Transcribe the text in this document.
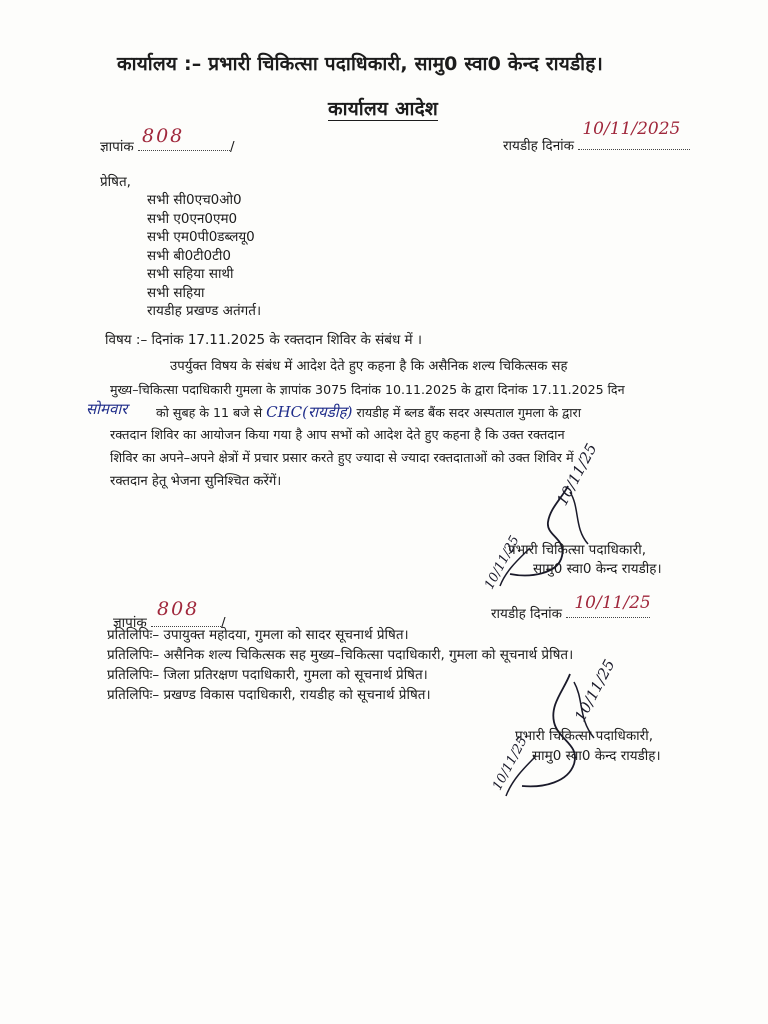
कार्यालय :– प्रभारी चिकित्सा पदाधिकारी, सामु0 स्वा0 केन्द रायडीह।
कार्यालय आदेश
ज्ञापांक 808	/	रायडीह दिनांक
10/11/2025
प्रेषित,
सभी सी0एच0ओ0
सभी ए0एन0एम0
सभी एम0पी0डब्लयू0
सभी बी0टी0टी0
सभी सहिया साथी
सभी सहिया
रायडीह प्रखण्ड अतंगर्त।
विषय :– दिनांक 17.11.2025 के रक्तदान शिविर के संबंध में ।
उपर्युक्त विषय के संबंध में आदेश देते हुए कहना है कि असैनिक शल्य चिकित्सक सह
मुख्य–चिकित्सा पदाधिकारी गुमला के ज्ञापांक 3075 दिनांक 10.11.2025 के द्वारा दिनांक 17.11.2025 दिन
सोमवार को सुबह के 11 बजे से CHC(रायडीह) रायडीह में ब्लड बैंक सदर अस्पताल गुमला के द्वारा
रक्तदान शिविर का आयोजन किया गया है आप सभों को आदेश देते हुए कहना है कि उक्त रक्तदान
शिविर का अपने–अपने क्षेत्रों में प्रचार प्रसार करते हुए ज्यादा से ज्यादा रक्तदाताओं को उक्त शिविर में
रक्तदान हेतू भेजना सुनिश्चित करेंगें।	10/11/25
प्रभारी चिकित्सा पदाधिकारी,
सामु0 स्वा0 केन्द रायडीह।
10/11/25
ज्ञापांक
808
/
रायडीह दिनांक
10/11/25
प्रतिलिपिः– उपायुक्त महोदया, गुमला को सादर सूचनार्थ प्रेषित।
प्रतिलिपिः– असैनिक शल्य चिकित्सक सह मुख्य–चिकित्सा पदाधिकारी, गुमला को सूचनार्थ प्रेषित।
प्रतिलिपिः– जिला प्रतिरक्षण पदाधिकारी, गुमला को सूचनार्थ प्रेषित।
प्रतिलिपिः– प्रखण्ड विकास पदाधिकारी, रायडीह को सूचनार्थ प्रेषित।	10/11/25
प्रभारी चिकित्सा पदाधिकारी,
सामु0 स्वा0 केन्द रायडीह।
10/11/25
